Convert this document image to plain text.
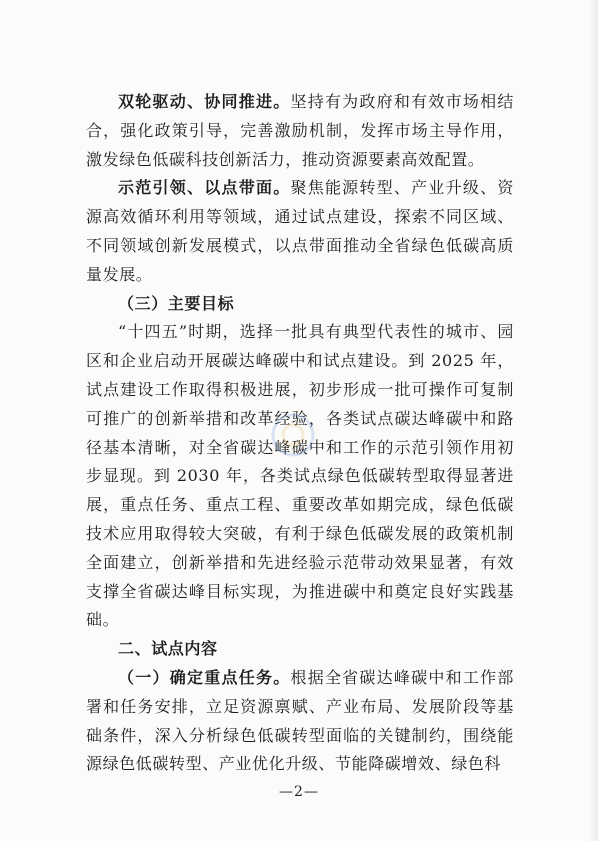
双轮驱动、协同推进。坚持有为政府和有效市场相结合，强化政策引导，完善激励机制，发挥市场主导作用，激发绿色低碳科技创新活力，推动资源要素高效配置。

示范引领、以点带面。聚焦能源转型、产业升级、资源高效循环利用等领域，通过试点建设，探索不同区域、不同领域创新发展模式，以点带面推动全省绿色低碳高质量发展。

（三）主要目标

“十四五”时期，选择一批具有典型代表性的城市、园区和企业启动开展碳达峰碳中和试点建设。到 2025 年，试点建设工作取得积极进展，初步形成一批可操作可复制可推广的创新举措和改革经验，各类试点碳达峰碳中和路径基本清晰，对全省碳达峰碳中和工作的示范引领作用初步显现。到 2030 年，各类试点绿色低碳转型取得显著进展，重点任务、重点工程、重要改革如期完成，绿色低碳技术应用取得较大突破，有利于绿色低碳发展的政策机制全面建立，创新举措和先进经验示范带动效果显著，有效支撑全省碳达峰目标实现，为推进碳中和奠定良好实践基础。

二、试点内容

（一）确定重点任务。根据全省碳达峰碳中和工作部署和任务安排，立足资源禀赋、产业布局、发展阶段等基础条件，深入分析绿色低碳转型面临的关键制约，围绕能源绿色低碳转型、产业优化升级、节能降碳增效、绿色科

—2—
